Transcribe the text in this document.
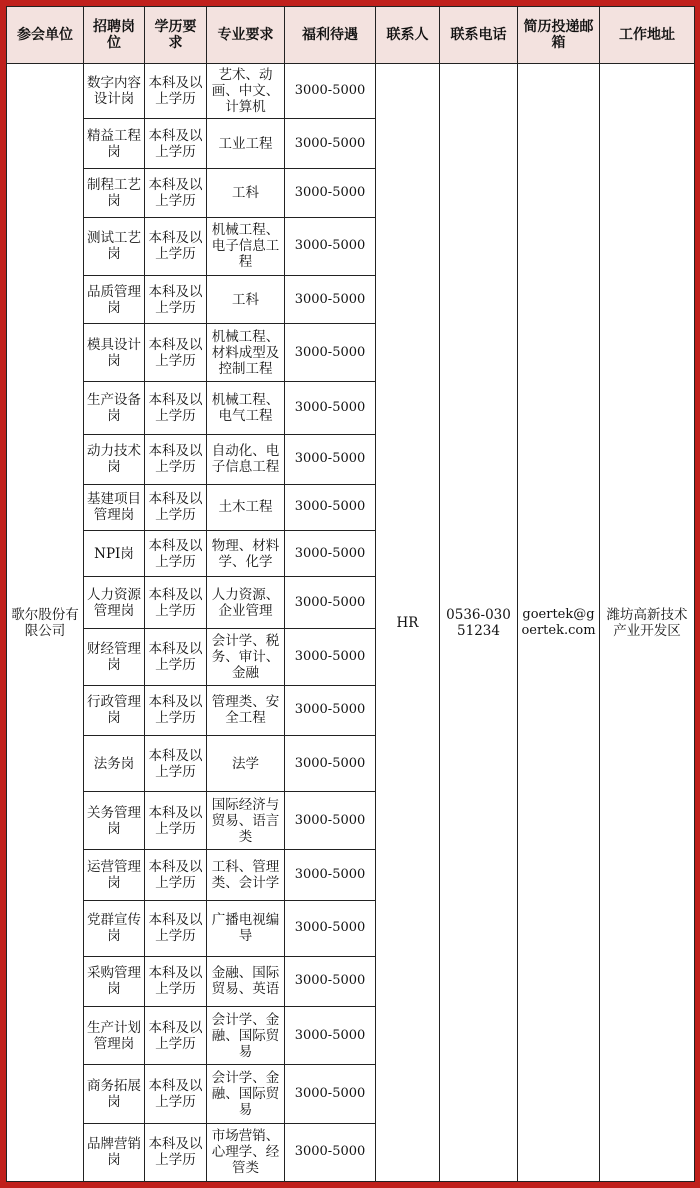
参会单位	招聘岗位	学历要求	专业要求	福利待遇	联系人	联系电话	简历投递邮箱	工作地址
歌尔股份有限公司	数字内容设计岗	本科及以上学历	艺术、动画、中文、计算机	3000-5000	HR	0536-03051234	goertek@goertek.com	潍坊高新技术产业开发区
	精益工程岗	本科及以上学历	工业工程	3000-5000				
	制程工艺岗	本科及以上学历	工科	3000-5000				
	测试工艺岗	本科及以上学历	机械工程、电子信息工程	3000-5000				
	品质管理岗	本科及以上学历	工科	3000-5000				
	模具设计岗	本科及以上学历	机械工程、材料成型及控制工程	3000-5000				
	生产设备岗	本科及以上学历	机械工程、电气工程	3000-5000				
	动力技术岗	本科及以上学历	自动化、电子信息工程	3000-5000				
	基建项目管理岗	本科及以上学历	土木工程	3000-5000				
	NPI岗	本科及以上学历	物理、材料学、化学	3000-5000				
	人力资源管理岗	本科及以上学历	人力资源、企业管理	3000-5000				
	财经管理岗	本科及以上学历	会计学、税务、审计、金融	3000-5000				
	行政管理岗	本科及以上学历	管理类、安全工程	3000-5000				
	法务岗	本科及以上学历	法学	3000-5000				
	关务管理岗	本科及以上学历	国际经济与贸易、语言类	3000-5000				
	运营管理岗	本科及以上学历	工科、管理类、会计学	3000-5000				
	党群宣传岗	本科及以上学历	广播电视编导	3000-5000				
	采购管理岗	本科及以上学历	金融、国际贸易、英语	3000-5000				
	生产计划管理岗	本科及以上学历	会计学、金融、国际贸易	3000-5000				
	商务拓展岗	本科及以上学历	会计学、金融、国际贸易	3000-5000				
	品牌营销岗	本科及以上学历	市场营销、心理学、经管类	3000-5000				
